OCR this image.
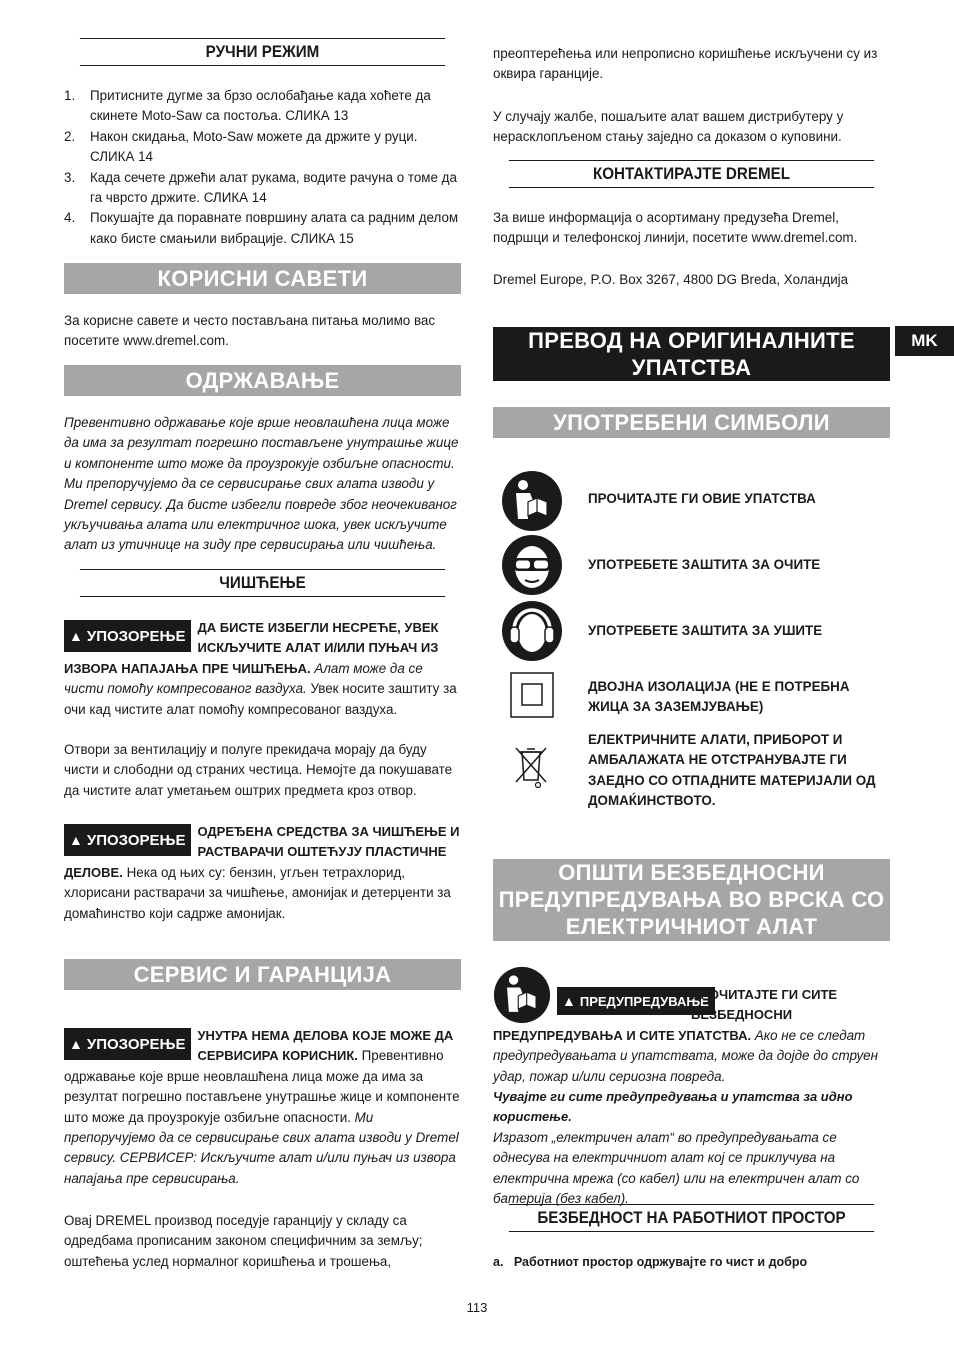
РУЧНИ РЕЖИМ
1. Притисните дугме за брзо ослобађање када хоћете да скинете Moto-Saw са постоља. СЛИКА 13
2. Након скидања, Moto-Saw можете да држите у руци. СЛИКА 14
3. Када сечете држећи алат рукама, водите рачуна о томе да га чврсто држите. СЛИКА 14
4. Покушајте да поравнате површину алата са радним делом како бисте смањили вибрације. СЛИКА 15
КОРИСНИ САВЕТИ

За корисне савете и често постављана питања молимо вас посетите www.dremel.com.

ОДРЖАВАЊЕ

Превентивно одржавање које врше неовлашћена лица може да има за резултат погрешно постављене унутрашње жице и компоненте што може да проузрокује озбиљне опасности. Ми препоручујемо да се сервисирање свих алата изводи у Dremel сервису. Да бисте избегли повреде због неочекиваног укључивања алата или електричног шока, увек искључите алат из утичнице на зиду пре сервисирања или чишћења.

ЧИШЋЕЊЕ
▲ УПОЗОРЕЊЕ
ДА БИСТЕ ИЗБЕГЛИ НЕСРЕЋЕ, УВЕК ИСКЉУЧИТЕ АЛАТ И/ИЛИ ПУЊАЧ ИЗ ИЗВОРА НАПАЈАЊА ПРЕ ЧИШЋЕЊА. Алат може да се чисти помоћу компресованог ваздуха. Увек носите заштиту за очи кад чистите алат помоћу компресованог ваздуха.

Отвори за вентилацију и полуге прекидача морају да буду чисти и слободни од страних честица. Немојте да покушавате да чистите алат уметањем оштрих предмета кроз отвор.

▲ УПОЗОРЕЊЕ
ОДРЕЂЕНА СРЕДСТВА ЗА ЧИШЋЕЊЕ И РАСТВАРАЧИ ОШТЕЋУЈУ ПЛАСТИЧНЕ ДЕЛОВЕ. Нека од њих су: бензин, угљен тетрахлорид, хлорисани растварачи за чишћење, амонијак и детерџенти за домаћинство који садрже амонијак.
СЕРВИС И ГАРАНЦИЈА
▲ УПОЗОРЕЊЕ
УНУТРА НЕМА ДЕЛОВА КОЈЕ МОЖЕ ДА СЕРВИСИРА КОРИСНИК. Превентивно одржавање које врше неовлашћена лица може да има за резултат погрешно постављене унутрашње жице и компоненте што може да проузрокује озбиљне опасности. Ми препоручујемо да се сервисирање свих алата изводи у Dremel сервису. СЕРВИСЕР: Искључите алат и/или пуњач из извора напајања пре сервисирања.

Овај DREMEL производ поседује гаранцију у складу са одредбама прописаним законом специфичним за земљу; оштећења услед нормалног коришћења и трошења,

преоптерећења или непрописно коришћење искључени су из оквира гаранције.

У случају жалбе, пошаљите алат вашем дистрибутеру у нерасклопљеном стању заједно са доказом о куповини.

КОНТАКТИРАЈТЕ DREMEL

За више информација о асортиману предузећа Dremel, подршци и телефонској линији, посетите www.dremel.com.

Dremel Europe, P.O. Box 3267, 4800 DG Breda, Холандија

ПРЕВОД НА ОРИГИНАЛНИТЕ
УПАТСТВА
УПОТРЕБЕНИ СИМБОЛИ
ПРОЧИТАЈТЕ ГИ ОВИЕ УПАТСТВА
УПОТРЕБЕТЕ ЗАШТИТА ЗА ОЧИТЕ
УПОТРЕБЕТЕ ЗАШТИТА ЗА УШИТЕ
ДВОЈНА ИЗОЛАЦИЈА (НЕ Е ПОТРЕБНА ЖИЦА ЗА ЗАЗЕМЈУВАЊЕ)
ЕЛЕКТРИЧНИТЕ АЛАТИ, ПРИБОРОТ И АМБАЛАЖАТА НЕ ОТСТРАНУВАЈТЕ ГИ ЗАЕДНО СО ОТПАДНИТЕ МАТЕРИЈАЛИ ОД ДОМАЌИНСТВОТО.
ОПШТИ БЕЗБЕДНОСНИ
ПРЕДУПРЕДУВАЊА ВО ВРСКА СО
ЕЛЕКТРИЧНИОТ АЛАТ
▲ ПРЕДУПРЕДУВАЊЕ
ПРОЧИТАЈТЕ ГИ СИТЕ БЕЗБЕДНОСНИ ПРЕДУПРЕДУВАЊА И СИТЕ УПАТСТВА. Ако не се следат предупредувањата и упатствата, може да дојде до струен удар, пожар и/или сериозна повреда.
Чувајте ги сите предупредувања и упатства за идно користење.
Изразот „електричен алат“ во предупредувањата се однесува на електричниот алат кој се приклучува на електрична мрежа (со кабел) или на електричен алат со батерија (без кабел).
БЕЗБЕДНОСТ НА РАБОТНИОТ ПРОСТОР
a. Работниот простор одржувајте го чист и добро
MK
113
